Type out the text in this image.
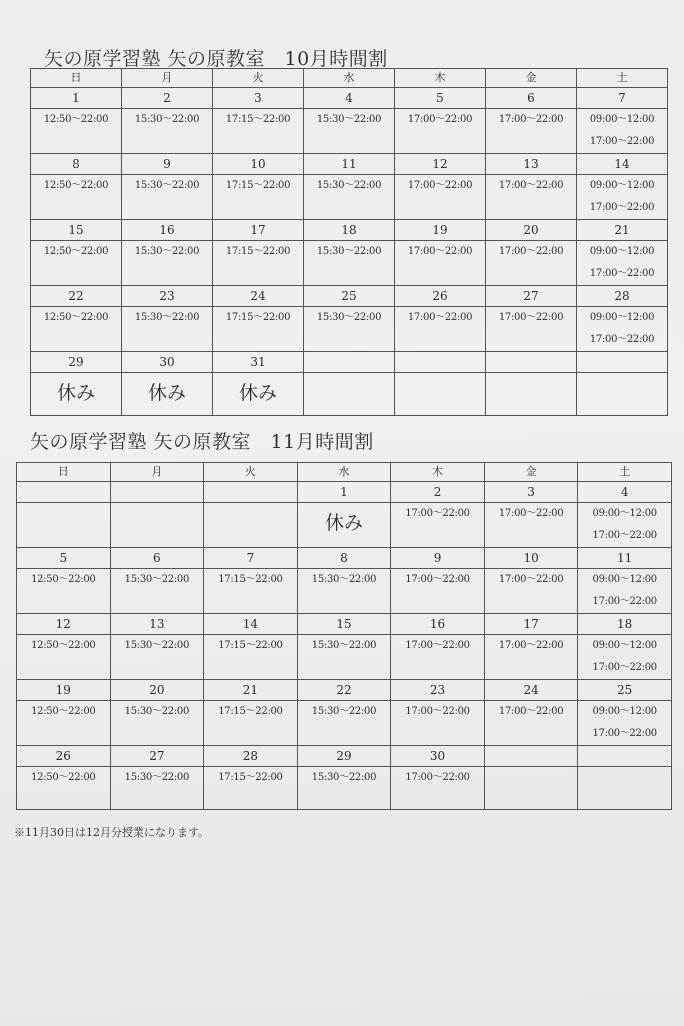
矢の原学習塾 矢の原教室　10月時間割
日	月	火	水	木	金	土
1	2	3	4	5	6	7

12:50～22:00	15:30～22:00	17:15～22:00	15:30～22:00	17:00～22:00	17:00～22:00	09:00～12:00
17:00～22:00

8	9	10	11	12	13	14

12:50～22:00	15:30～22:00	17:15～22:00	15:30～22:00	17:00～22:00	17:00～22:00	09:00～12:00
17:00～22:00

15	16	17	18	19	20	21

12:50～22:00	15:30～22:00	17:15～22:00	15:30～22:00	17:00～22:00	17:00～22:00	09:00～12:00
17:00～22:00

22	23	24	25	26	27	28

12:50～22:00	15:30～22:00	17:15～22:00	15:30～22:00	17:00～22:00	17:00～22:00	09:00～12:00
17:00～22:00

29	30	31				

休み	休み	休み				

矢の原学習塾 矢の原教室　11月時間割
日	月	火	水	木	金	土
			1	2	3	4

			休み	17:00～22:00	17:00～22:00	09:00～12:00
17:00～22:00

5	6	7	8	9	10	11

12:50～22:00	15:30～22:00	17:15～22:00	15:30～22:00	17:00～22:00	17:00～22:00	09:00～12:00
17:00～22:00

12	13	14	15	16	17	18

12:50～22:00	15:30～22:00	17:15～22:00	15:30～22:00	17:00～22:00	17:00～22:00	09:00～12:00
17:00～22:00

19	20	21	22	23	24	25

12:50～22:00	15:30～22:00	17:15～22:00	15:30～22:00	17:00～22:00	17:00～22:00	09:00～12:00
17:00～22:00

26	27	28	29	30		

12:50～22:00	15:30～22:00	17:15～22:00	15:30～22:00	17:00～22:00		

※11月30日は12月分授業になります。
